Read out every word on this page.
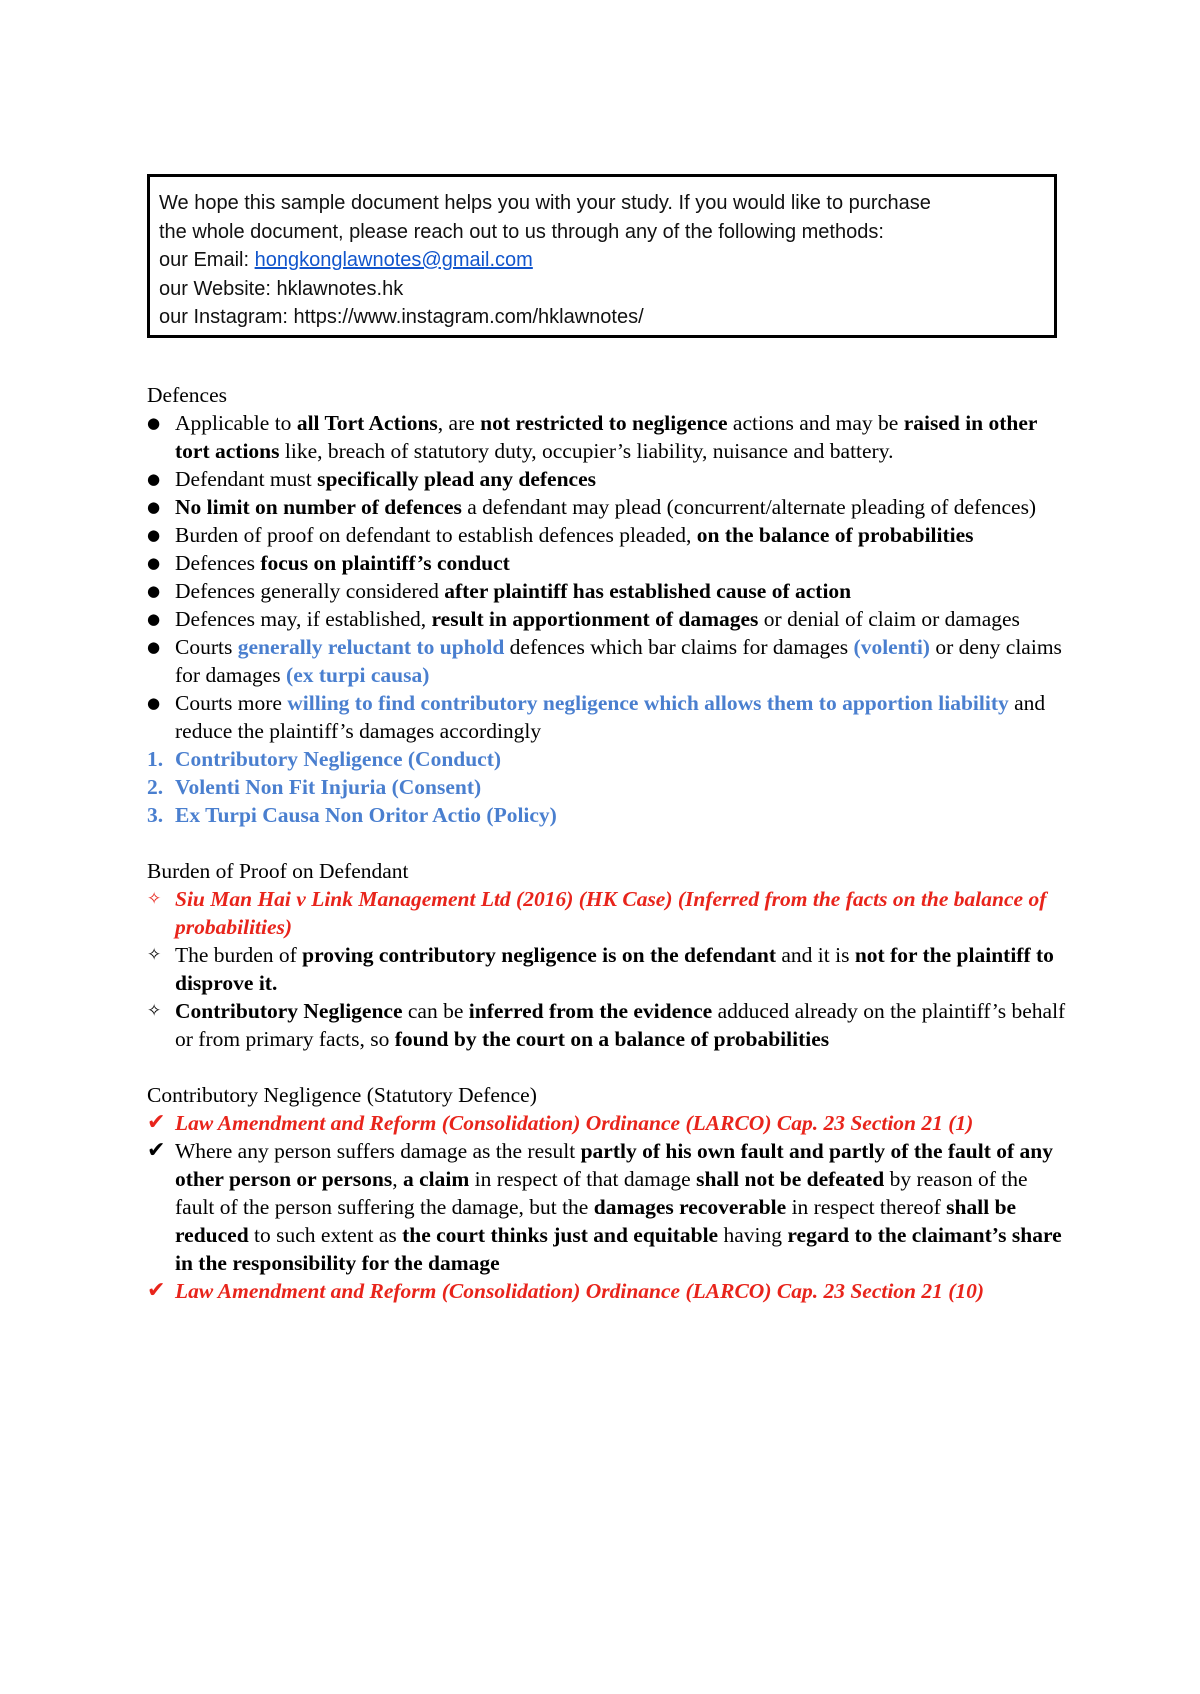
We hope this sample document helps you with your study. If you would like to purchase
the whole document, please reach out to us through any of the following methods:
our Email: hongkonglawnotes@gmail.com
our Website: hklawnotes.hk
our Instagram: https://www.instagram.com/hklawnotes/
Defences
● Applicable to all Tort Actions, are not restricted to negligence actions and may be raised in other tort actions like, breach of statutory duty, occupier’s liability, nuisance and battery.
● Defendant must specifically plead any defences
● No limit on number of defences a defendant may plead (concurrent/alternate pleading of defences)
● Burden of proof on defendant to establish defences pleaded, on the balance of probabilities
● Defences focus on plaintiff’s conduct
● Defences generally considered after plaintiff has established cause of action
● Defences may, if established, result in apportionment of damages or denial of claim or damages
● Courts generally reluctant to uphold defences which bar claims for damages (volenti) or deny claims for damages (ex turpi causa)
● Courts more willing to find contributory negligence which allows them to apportion liability and reduce the plaintiff’s damages accordingly
1. Contributory Negligence (Conduct)
2. Volenti Non Fit Injuria (Consent)
3. Ex Turpi Causa Non Oritor Actio (Policy)
Burden of Proof on Defendant
✧ Siu Man Hai v Link Management Ltd (2016) (HK Case) (Inferred from the facts on the balance of probabilities)
✧ The burden of proving contributory negligence is on the defendant and it is not for the plaintiff to disprove it.
✧ Contributory Negligence can be inferred from the evidence adduced already on the plaintiff’s behalf or from primary facts, so found by the court on a balance of probabilities
Contributory Negligence (Statutory Defence)
✔ Law Amendment and Reform (Consolidation) Ordinance (LARCO) Cap. 23 Section 21 (1)
✔ Where any person suffers damage as the result partly of his own fault and partly of the fault of any other person or persons, a claim in respect of that damage shall not be defeated by reason of the fault of the person suffering the damage, but the damages recoverable in respect thereof shall be reduced to such extent as the court thinks just and equitable having regard to the claimant’s share in the responsibility for the damage
✔ Law Amendment and Reform (Consolidation) Ordinance (LARCO) Cap. 23 Section 21 (10)
